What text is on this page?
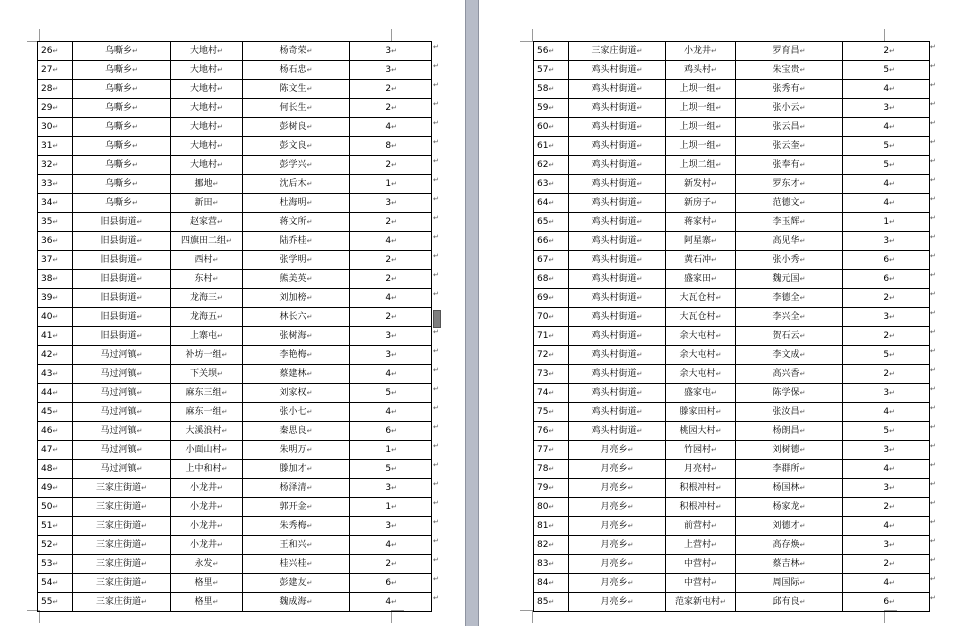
26↵	乌嘶乡↵	大地村↵	杨奇荣↵	3↵
27↵	乌嘶乡↵	大地村↵	杨石忠↵	3↵
28↵	乌嘶乡↵	大地村↵	陈文生↵	2↵
29↵	乌嘶乡↵	大地村↵	何长生↵	2↵
30↵	乌嘶乡↵	大地村↵	彭树良↵	4↵
31↵	乌嘶乡↵	大地村↵	彭文良↵	8↵
32↵	乌嘶乡↵	大地村↵	彭学兴↵	2↵
33↵	乌嘶乡↵	挪地↵	沈后木↵	1↵
34↵	乌嘶乡↵	新田↵	杜海明↵	3↵
35↵	旧县街道↵	赵家营↵	蒋文所↵	2↵
36↵	旧县街道↵	四旗田二组↵	陆乔桂↵	4↵
37↵	旧县街道↵	西村↵	张学明↵	2↵
38↵	旧县街道↵	东村↵	熊美英↵	2↵
39↵	旧县街道↵	龙海三↵	刘加榜↵	4↵
40↵	旧县街道↵	龙海五↵	林长六↵	2↵
41↵	旧县街道↵	上寨屯↵	张树海↵	3↵
42↵	马过河镇↵	补坊一组↵	李艳梅↵	3↵
43↵	马过河镇↵	下关坝↵	蔡建林↵	4↵
44↵	马过河镇↵	麻东三组↵	刘家权↵	5↵
45↵	马过河镇↵	麻东一组↵	张小七↵	4↵
46↵	马过河镇↵	大溪浪村↵	秦思良↵	6↵
47↵	马过河镇↵	小面山村↵	朱明万↵	1↵
48↵	马过河镇↵	上中和村↵	滕加才↵	5↵
49↵	三家庄街道↵	小龙井↵	杨泽清↵	3↵
50↵	三家庄街道↵	小龙井↵	郭开金↵	1↵
51↵	三家庄街道↵	小龙井↵	朱秀梅↵	3↵
52↵	三家庄街道↵	小龙井↵	王和兴↵	4↵
53↵	三家庄街道↵	永发↵	桂兴桂↵	2↵
54↵	三家庄街道↵	格里↵	彭建友↵	6↵
55↵	三家庄街道↵	格里↵	魏成海↵	4↵
↵
↵
↵
↵
↵
↵
↵
↵
↵
↵
↵
↵
↵
↵
↵
↵
↵
↵
↵
↵
↵
↵
↵
↵
↵
↵
↵
↵
↵
56↵	三家庄街道↵	小龙井↵	罗育昌↵	2↵
57↵	鸡头村街道↵	鸡头村↵	朱宝贵↵	5↵
58↵	鸡头村街道↵	上坝一组↵	张秀有↵	4↵
59↵	鸡头村街道↵	上坝一组↵	张小云↵	3↵
60↵	鸡头村街道↵	上坝一组↵	张云昌↵	4↵
61↵	鸡头村街道↵	上坝一组↵	张云奎↵	5↵
62↵	鸡头村街道↵	上坝二组↵	张奉有↵	5↵
63↵	鸡头村街道↵	新发村↵	罗东才↵	4↵
64↵	鸡头村街道↵	新房子↵	范德文↵	4↵
65↵	鸡头村街道↵	蒋家村↵	李玉辉↵	1↵
66↵	鸡头村街道↵	阿星寨↵	高见华↵	3↵
67↵	鸡头村街道↵	黄石冲↵	张小秀↵	6↵
68↵	鸡头村街道↵	盛家田↵	魏元国↵	6↵
69↵	鸡头村街道↵	大瓦仓村↵	李德全↵	2↵
70↵	鸡头村街道↵	大瓦仓村↵	李兴全↵	3↵
71↵	鸡头村街道↵	余大屯村↵	贺石云↵	2↵
72↵	鸡头村街道↵	余大屯村↵	李文成↵	5↵
73↵	鸡头村街道↵	余大屯村↵	高兴香↵	2↵
74↵	鸡头村街道↵	盛家屯↵	陈学保↵	3↵
75↵	鸡头村街道↵	滕家田村↵	张汝昌↵	4↵
76↵	鸡头村街道↵	桃园大村↵	杨朗昌↵	5↵
77↵	月亮乡↵	竹园村↵	刘树德↵	3↵
78↵	月亮乡↵	月亮村↵	李群所↵	4↵
79↵	月亮乡↵	积根冲村↵	杨国林↵	3↵
80↵	月亮乡↵	积根冲村↵	杨家龙↵	2↵
81↵	月亮乡↵	前营村↵	刘德才↵	4↵
82↵	月亮乡↵	上营村↵	高存焕↵	3↵
83↵	月亮乡↵	中营村↵	蔡吉林↵	2↵
84↵	月亮乡↵	中营村↵	周国际↵	4↵
85↵	月亮乡↵	范家新屯村↵	邱有良↵	6↵
↵
↵
↵
↵
↵
↵
↵
↵
↵
↵
↵
↵
↵
↵
↵
↵
↵
↵
↵
↵
↵
↵
↵
↵
↵
↵
↵
↵
↵
↵
